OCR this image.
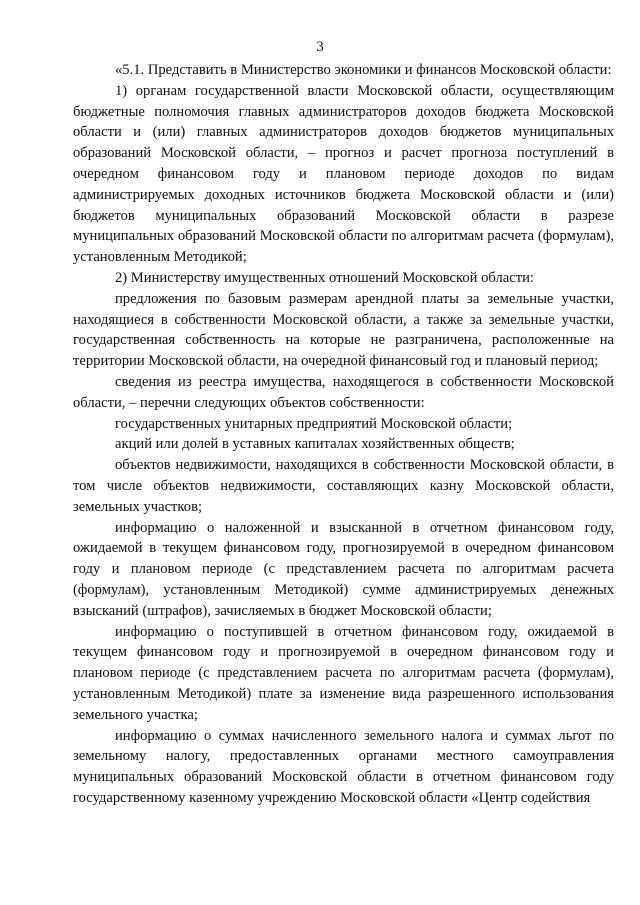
3

«5.1. Представить в Министерство экономики и финансов Московской области:

1) органам государственной власти Московской области, осуществляющим бюджетные полномочия главных администраторов доходов бюджета Московской области и (или) главных администраторов доходов бюджетов муниципальных образований Московской области, – прогноз и расчет прогноза поступлений в очередном финансовом году и плановом периоде доходов по видам администрируемых доходных источников бюджета Московской области и (или) бюджетов муниципальных образований Московской области в разрезе муниципальных образований Московской области по алгоритмам расчета (формулам), установленным Методикой;

2) Министерству имущественных отношений Московской области:

предложения по базовым размерам арендной платы за земельные участки, находящиеся в собственности Московской области, а также за земельные участки, государственная собственность на которые не разграничена, расположенные на территории Московской области, на очередной финансовый год и плановый период;

сведения из реестра имущества, находящегося в собственности Московской области, – перечни следующих объектов собственности:

государственных унитарных предприятий Московской области;

акций или долей в уставных капиталах хозяйственных обществ;

объектов недвижимости, находящихся в собственности Московской области, в том числе объектов недвижимости, составляющих казну Московской области, земельных участков;

информацию о наложенной и взысканной в отчетном финансовом году, ожидаемой в текущем финансовом году, прогнозируемой в очередном финансовом году и плановом периоде (с представлением расчета по алгоритмам расчета (формулам), установленным Методикой) сумме администрируемых денежных взысканий (штрафов), зачисляемых в бюджет Московской области;

информацию о поступившей в отчетном финансовом году, ожидаемой в текущем финансовом году и прогнозируемой в очередном финансовом году и плановом периоде (с представлением расчета по алгоритмам расчета (формулам), установленным Методикой) плате за изменение вида разрешенного использования земельного участка;

информацию о суммах начисленного земельного налога и суммах льгот по земельному налогу, предоставленных органами местного самоуправления муниципальных образований Московской области в отчетном финансовом году государственному казенному учреждению Московской области «Центр содействия
